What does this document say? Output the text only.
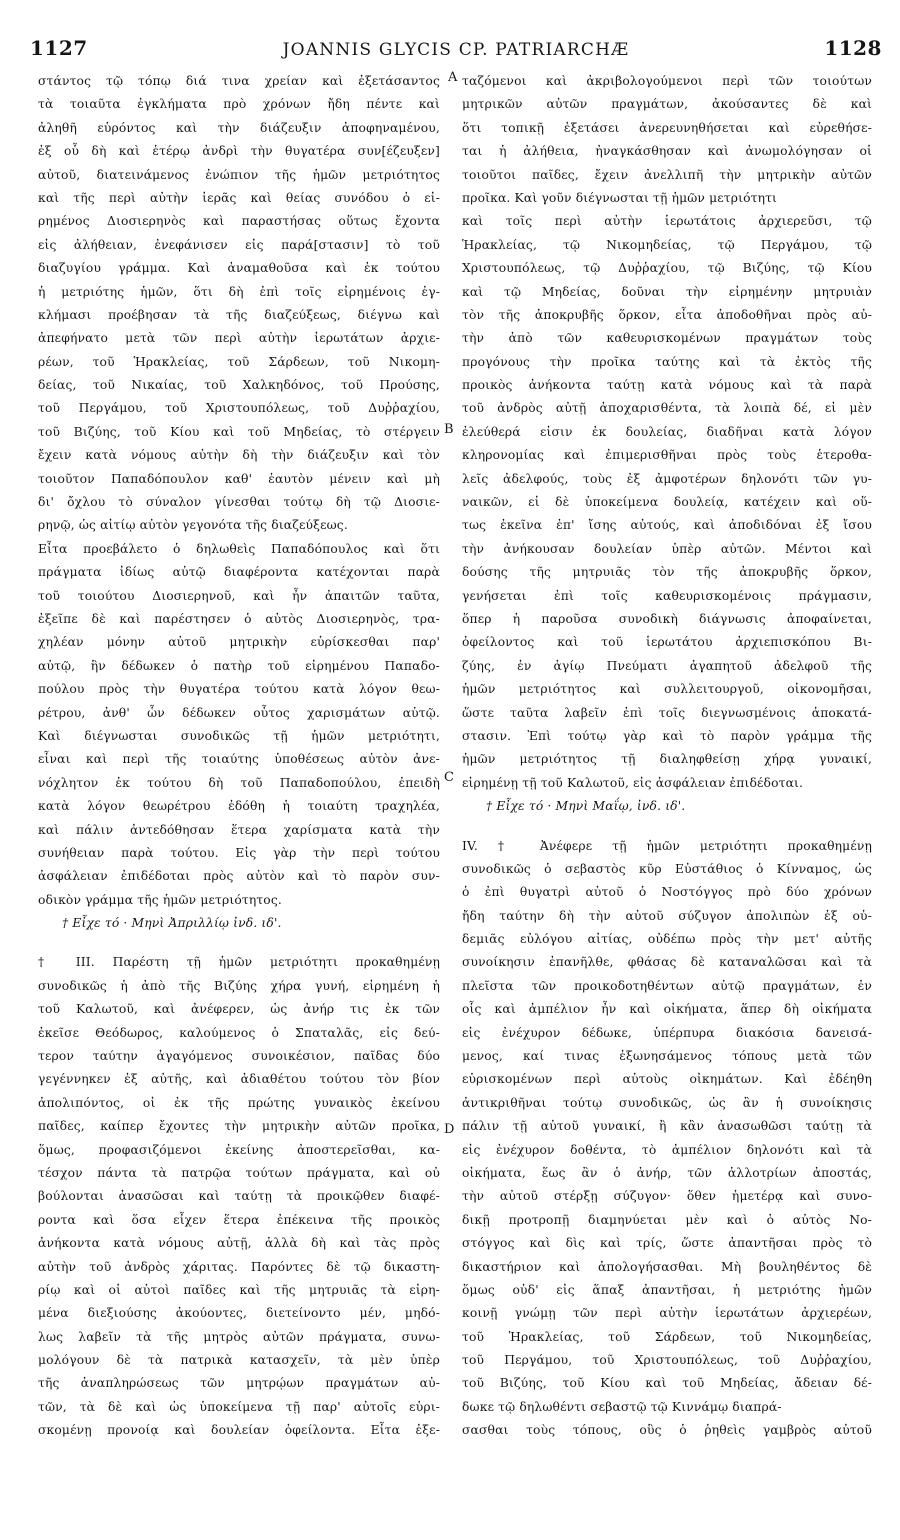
1127	JOANNIS GLYCIS CP. PATRIARCHÆ	1128
A
B
C
D
στάντος τῷ τόπῳ διά τινα χρείαν καὶ ἐξετάσαντος
τὰ τοιαῦτα ἐγκλήματα πρὸ χρόνων ἤδη πέντε καὶ
ἀληθῆ εὑρόντος καὶ τὴν διάζευξιν ἀποφηναμένου,
ἐξ οὗ δὴ καὶ ἑτέρῳ ἀνδρὶ τὴν θυγατέρα συν[έζευξεν]
αὐτοῦ, διατεινάμενος ἐνώπιον τῆς ἡμῶν μετριότητος
καὶ τῆς περὶ αὐτὴν ἱερᾶς καὶ θείας συνόδου ὁ εἰ-
ρημένος Διοσιερηνὸς καὶ παραστήσας οὕτως ἔχοντα
εἰς ἀλήθειαν, ἐνεφάνισεν εἰς παρά[στασιν] τὸ τοῦ
διαζυγίου γράμμα. Καὶ ἀναμαθοῦσα καὶ ἐκ τούτου
ἡ μετριότης ἡμῶν, ὅτι δὴ ἐπὶ τοῖς εἰρημένοις ἐγ-
κλήμασι προέβησαν τὰ τῆς διαζεύξεως, διέγνω καὶ
ἀπεφήνατο μετὰ τῶν περὶ αὐτὴν ἱερωτάτων ἀρχιε-
ρέων, τοῦ Ἡρακλείας, τοῦ Σάρδεων, τοῦ Νικομη-
δείας, τοῦ Νικαίας, τοῦ Χαλκηδόνος, τοῦ Προύσης,
τοῦ Περγάμου, τοῦ Χριστουπόλεως, τοῦ Δυῤῥαχίου,
τοῦ Βιζύης, τοῦ Κίου καὶ τοῦ Μηδείας, τὸ στέργειν
ἔχειν κατὰ νόμους αὐτὴν δὴ τὴν διάζευξιν καὶ τὸν
τοιοῦτον Παπαδόπουλον καθ' ἑαυτὸν μένειν καὶ μὴ
δι' ὄχλου τὸ σύναλον γίνεσθαι τούτῳ δὴ τῷ Διοσιε-
ρηνῷ, ὡς αἰτίῳ αὐτὸν γεγονότα τῆς διαζεύξεως.
Εἶτα προεβάλετο ὁ δηλωθεὶς Παπαδόπουλος καὶ ὅτι
πράγματα ἰδίως αὐτῷ διαφέροντα κατέχονται παρὰ
τοῦ τοιούτου Διοσιερηνοῦ, καὶ ἦν ἀπαιτῶν ταῦτα,
ἐξεῖπε δὲ καὶ παρέστησεν ὁ αὐτὸς Διοσιερηνὸς, τρα-
χηλέαν μόνην αὐτοῦ μητρικὴν εὑρίσκεσθαι παρ'
αὐτῷ, ἣν δέδωκεν ὁ πατὴρ τοῦ εἰρημένου Παπαδο-
πούλου πρὸς τὴν θυγατέρα τούτου κατὰ λόγον θεω-
ρέτρου, ἀνθ' ὧν δέδωκεν οὗτος χαρισμάτων αὐτῷ.
Καὶ διέγνωσται συνοδικῶς τῇ ἡμῶν μετριότητι,
εἶναι καὶ περὶ τῆς τοιαύτης ὑποθέσεως αὐτὸν ἀνε-
νόχλητον ἐκ τούτου δὴ τοῦ Παπαδοπούλου, ἐπειδὴ
κατὰ λόγον θεωρέτρου ἐδόθη ἡ τοιαύτη τραχηλέα,
καὶ πάλιν ἀντεδόθησαν ἕτερα χαρίσματα κατὰ τὴν
συνήθειαν παρὰ τούτου. Εἰς γὰρ τὴν περὶ τούτου
ἀσφάλειαν ἐπιδέδοται πρὸς αὐτὸν καὶ τὸ παρὸν συν-
οδικὸν γράμμα τῆς ἡμῶν μετριότητος.
† Εἶχε τό · Μηνὶ Ἀπριλλίῳ ἰνδ. ιδ'.
† III. Παρέστη τῇ ἡμῶν μετριότητι προκαθημένῃ
συνοδικῶς ἡ ἀπὸ τῆς Βιζύης χήρα γυνή, εἰρημένη ἡ
τοῦ Καλωτοῦ, καὶ ἀνέφερεν, ὡς ἀνήρ τις ἐκ τῶν
ἐκεῖσε Θεόδωρος, καλούμενος ὁ Σπαταλᾶς, εἰς δεύ-
τερον ταύτην ἀγαγόμενος συνοικέσιον, παῖδας δύο
γεγέννηκεν ἐξ αὐτῆς, καὶ ἀδιαθέτου τούτου τὸν βίον
ἀπολιπόντος, οἱ ἐκ τῆς πρώτης γυναικὸς ἐκείνου
παῖδες, καίπερ ἔχοντες τὴν μητρικὴν αὐτῶν προῖκα,
ὅμως, προφασιζόμενοι ἐκείνης ἀποστερεῖσθαι, κα-
τέσχον πάντα τὰ πατρῷα τούτων πράγματα, καὶ οὐ
βούλονται ἀνασῶσαι καὶ ταύτῃ τὰ προικῷθεν διαφέ-
ροντα καὶ ὅσα εἶχεν ἕτερα ἐπέκεινα τῆς προικὸς
ἀνήκοντα κατὰ νόμους αὐτῇ, ἀλλὰ δὴ καὶ τὰς πρὸς
αὐτὴν τοῦ ἀνδρὸς χάριτας. Παρόντες δὲ τῷ δικαστη-
ρίῳ καὶ οἱ αὐτοὶ παῖδες καὶ τῆς μητρυιᾶς τὰ εἰρη-
μένα διεξιούσης ἀκούοντες, διετείνοντο μέν, μηδό-
λως λαβεῖν τὰ τῆς μητρὸς αὐτῶν πράγματα, συνω-
μολόγουν δὲ τὰ πατρικὰ κατασχεῖν, τὰ μὲν ὑπὲρ
τῆς ἀναπληρώσεως τῶν μητρῴων πραγμάτων αὐ-
τῶν, τὰ δὲ καὶ ὡς ὑποκείμενα τῇ παρ' αὐτοῖς εὑρι-
σκομένῃ προνοίᾳ καὶ δουλείαν ὀφείλοντα. Εἶτα ἐξε-
ταζόμενοι καὶ ἀκριβολογούμενοι περὶ τῶν τοιούτων
μητρικῶν αὐτῶν πραγμάτων, ἀκούσαντες δὲ καὶ
ὅτι τοπικῇ ἐξετάσει ἀνερευνηθήσεται καὶ εὑρεθήσε-
ται ἡ ἀλήθεια, ἠναγκάσθησαν καὶ ἀνωμολόγησαν οἱ
τοιοῦτοι παῖδες, ἔχειν ἀνελλιπῆ τὴν μητρικὴν αὐτῶν
προῖκα. Καὶ γοῦν διέγνωσται τῇ ἡμῶν μετριότητι
καὶ τοῖς περὶ αὐτὴν ἱερωτάτοις ἀρχιερεῦσι, τῷ
Ἡρακλείας, τῷ Νικομηδείας, τῷ Περγάμου, τῷ
Χριστουπόλεως, τῷ Δυῤῥαχίου, τῷ Βιζύης, τῷ Κίου
καὶ τῷ Μηδείας, δοῦναι τὴν εἰρημένην μητρυιὰν
τὸν τῆς ἀποκρυβῆς ὅρκον, εἶτα ἀποδοθῆναι πρὸς αὐ-
τὴν ἀπὸ τῶν καθευρισκομένων πραγμάτων τοὺς
προγόνους τὴν προῖκα ταύτης καὶ τὰ ἐκτὸς τῆς
προικὸς ἀνήκοντα ταύτῃ κατὰ νόμους καὶ τὰ παρὰ
τοῦ ἀνδρὸς αὐτῇ ἀποχαρισθέντα, τὰ λοιπὰ δέ, εἰ μὲν
ἐλεύθερά εἰσιν ἐκ δουλείας, διαδῆναι κατὰ λόγον
κληρονομίας καὶ ἐπιμερισθῆναι πρὸς τοὺς ἑτεροθα-
λεῖς ἀδελφούς, τοὺς ἐξ ἀμφοτέρων δηλονότι τῶν γυ-
ναικῶν, εἰ δὲ ὑποκείμενα δουλείᾳ, κατέχειν καὶ οὕ-
τως ἐκεῖνα ἐπ' ἴσης αὐτούς, καὶ ἀποδιδόναι ἐξ ἴσου
τὴν ἀνήκουσαν δουλείαν ὑπὲρ αὐτῶν. Μέντοι καὶ
δούσης τῆς μητρυιᾶς τὸν τῆς ἀποκρυβῆς ὅρκον,
γενήσεται ἐπὶ τοῖς καθευρισκομένοις πράγμασιν,
ὅπερ ἡ παροῦσα συνοδικὴ διάγνωσις ἀποφαίνεται,
ὀφείλοντος καὶ τοῦ ἱερωτάτου ἀρχιεπισκόπου Βι-
ζύης, ἐν ἁγίῳ Πνεύματι ἀγαπητοῦ ἀδελφοῦ τῆς
ἡμῶν μετριότητος καὶ συλλειτουργοῦ, οἰκονομῆσαι,
ὥστε ταῦτα λαβεῖν ἐπὶ τοῖς διεγνωσμένοις ἀποκατά-
στασιν. Ἐπὶ τούτῳ γὰρ καὶ τὸ παρὸν γράμμα τῆς
ἡμῶν μετριότητος τῇ διαληφθείσῃ χήρᾳ γυναικί,
εἰρημένῃ τῇ τοῦ Καλωτοῦ, εἰς ἀσφάλειαν ἐπιδέδοται.
† Εἶχε τό · Μηνὶ Μαΐῳ, ἰνδ. ιδ'.
IV. † Ἀνέφερε τῇ ἡμῶν μετριότητι προκαθημένῃ
συνοδικῶς ὁ σεβαστὸς κῦρ Εὐστάθιος ὁ Κίνναμος, ὡς
ὁ ἐπὶ θυγατρὶ αὐτοῦ ὁ Νοστόγγος πρὸ δύο χρόνων
ἤδη ταύτην δὴ τὴν αὐτοῦ σύζυγον ἀπολιπὼν ἐξ οὐ-
δεμιᾶς εὐλόγου αἰτίας, οὐδέπω πρὸς τὴν μετ' αὐτῆς
συνοίκησιν ἐπανῆλθε, φθάσας δὲ καταναλῶσαι καὶ τὰ
πλεῖστα τῶν προικοδοτηθέντων αὐτῷ πραγμάτων, ἐν
οἷς καὶ ἀμπέλιον ἦν καὶ οἰκήματα, ἅπερ δὴ οἰκήματα
εἰς ἐνέχυρον δέδωκε, ὑπέρπυρα διακόσια δανεισά-
μενος, καί τινας ἐξωνησάμενος τόπους μετὰ τῶν
εὑρισκομένων περὶ αὐτοὺς οἰκημάτων. Καὶ ἐδέηθη
ἀντικριθῆναι τούτῳ συνοδικῶς, ὡς ἂν ἡ συνοίκησις
πάλιν τῇ αὐτοῦ γυναικί, ἢ κἂν ἀνασωθῶσι ταύτῃ τὰ
εἰς ἐνέχυρον δοθέντα, τὸ ἀμπέλιον δηλονότι καὶ τὰ
οἰκήματα, ἕως ἂν ὁ ἀνήρ, τῶν ἀλλοτρίων ἀποστάς,
τὴν αὐτοῦ στέρξῃ σύζυγον· ὅθεν ἡμετέρᾳ καὶ συνο-
δικῇ προτροπῇ διαμηνύεται μὲν καὶ ὁ αὐτὸς Νο-
στόγγος καὶ δὶς καὶ τρίς, ὥστε ἀπαντῆσαι πρὸς τὸ
δικαστήριον καὶ ἀπολογήσασθαι. Μὴ βουληθέντος δὲ
ὅμως οὐδ' εἰς ἅπαξ ἀπαντῆσαι, ἡ μετριότης ἡμῶν
κοινῇ γνώμῃ τῶν περὶ αὐτὴν ἱερωτάτων ἀρχιερέων,
τοῦ Ἡρακλείας, τοῦ Σάρδεων, τοῦ Νικομηδείας,
τοῦ Περγάμου, τοῦ Χριστουπόλεως, τοῦ Δυῤῥαχίου,
τοῦ Βιζύης, τοῦ Κίου καὶ τοῦ Μηδείας, ἄδειαν δέ-
δωκε τῷ δηλωθέντι σεβαστῷ τῷ Κιννάμῳ διαπρά-
σασθαι τοὺς τόπους, οὓς ὁ ῥηθεὶς γαμβρὸς αὐτοῦ
